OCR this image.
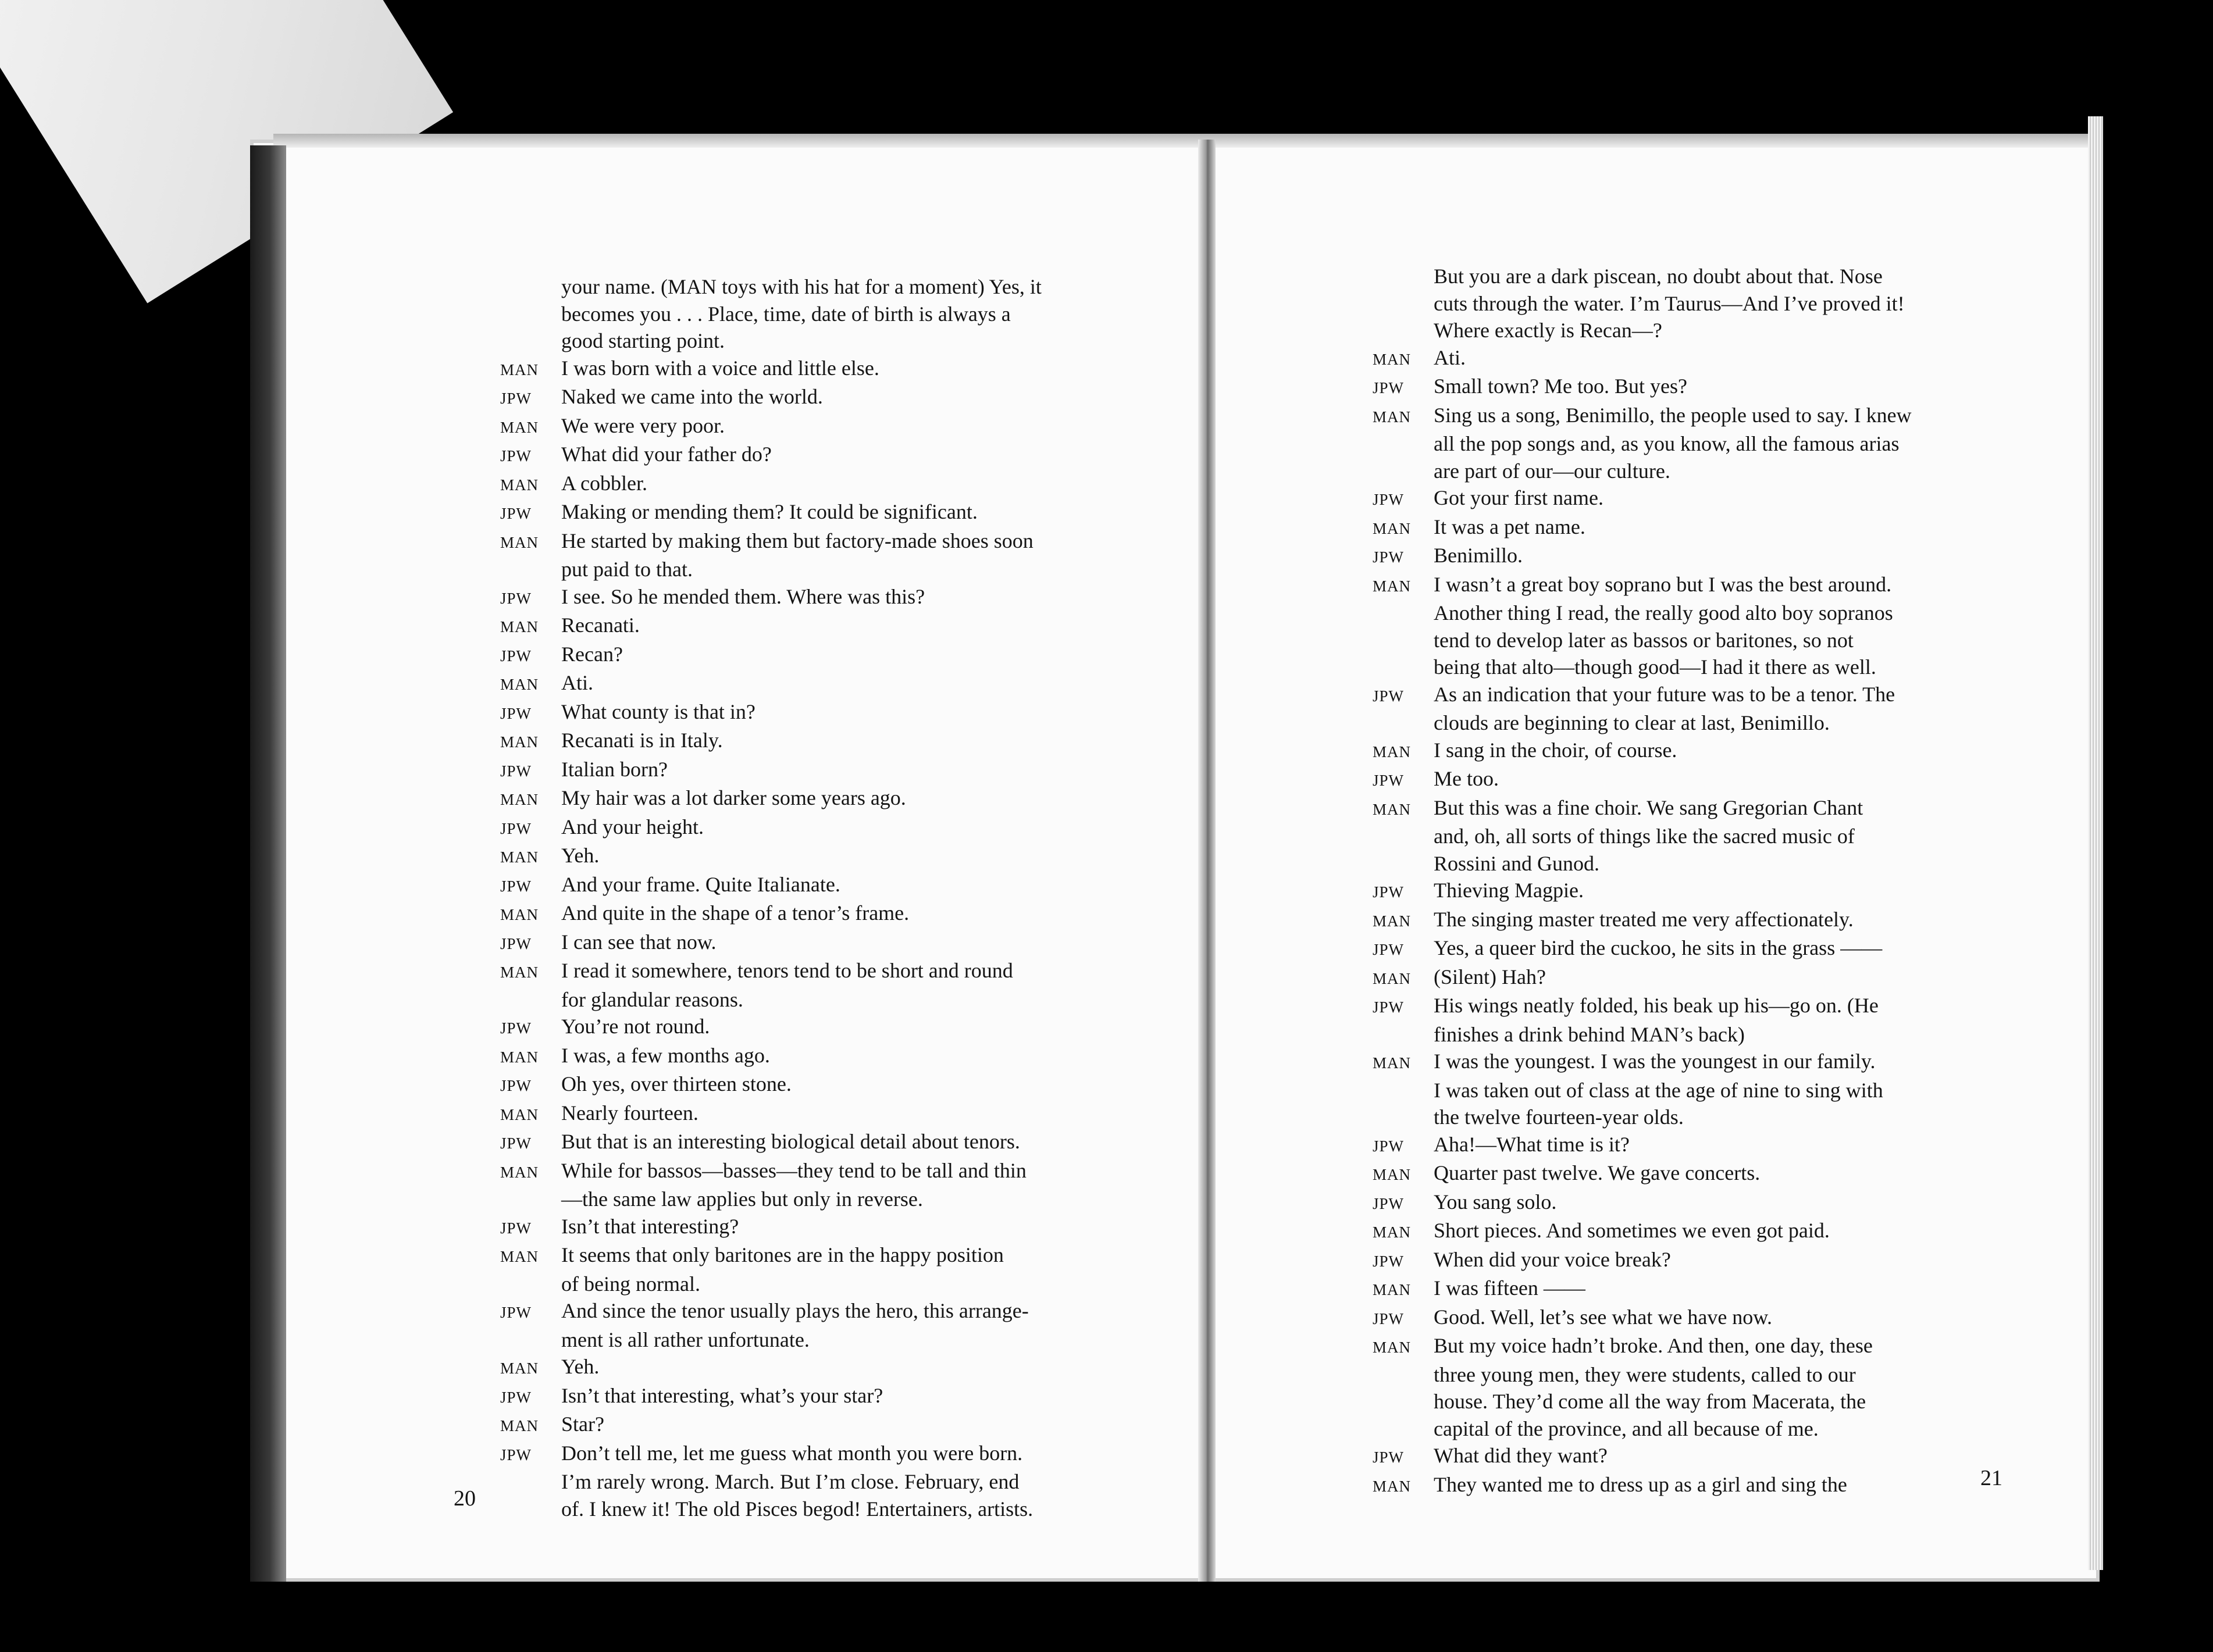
your name. (MAN toys with his hat for a moment) Yes, it
becomes you . . . Place, time, date of birth is always a
good starting point.
MAN	I was born with a voice and little else.
JPW	Naked we came into the world.
MAN	We were very poor.
JPW	What did your father do?
MAN	A cobbler.
JPW	Making or mending them? It could be significant.
MAN	He started by making them but factory-made shoes soon
put paid to that.
JPW	I see. So he mended them. Where was this?
MAN	Recanati.
JPW	Recan?
MAN	Ati.
JPW	What county is that in?
MAN	Recanati is in Italy.
JPW	Italian born?
MAN	My hair was a lot darker some years ago.
JPW	And your height.
MAN	Yeh.
JPW	And your frame. Quite Italianate.
MAN	And quite in the shape of a tenor’s frame.
JPW	I can see that now.
MAN	I read it somewhere, tenors tend to be short and round
for glandular reasons.
JPW	You’re not round.
MAN	I was, a few months ago.
JPW	Oh yes, over thirteen stone.
MAN	Nearly fourteen.
JPW	But that is an interesting biological detail about tenors.
MAN	While for bassos—basses—they tend to be tall and thin
—the same law applies but only in reverse.
JPW	Isn’t that interesting?
MAN	It seems that only baritones are in the happy position
of being normal.
JPW	And since the tenor usually plays the hero, this arrange-
ment is all rather unfortunate.
MAN	Yeh.
JPW	Isn’t that interesting, what’s your star?
MAN	Star?
JPW	Don’t tell me, let me guess what month you were born.
I’m rarely wrong. March. But I’m close. February, end
of. I knew it! The old Pisces begod! Entertainers, artists.
But you are a dark piscean, no doubt about that. Nose
cuts through the water. I’m Taurus—And I’ve proved it!
Where exactly is Recan—?
MAN	Ati.
JPW	Small town? Me too. But yes?
MAN	Sing us a song, Benimillo, the people used to say. I knew
all the pop songs and, as you know, all the famous arias
are part of our—our culture.
JPW	Got your first name.
MAN	It was a pet name.
JPW	Benimillo.
MAN	I wasn’t a great boy soprano but I was the best around.
Another thing I read, the really good alto boy sopranos
tend to develop later as bassos or baritones, so not
being that alto—though good—I had it there as well.
JPW	As an indication that your future was to be a tenor. The
clouds are beginning to clear at last, Benimillo.
MAN	I sang in the choir, of course.
JPW	Me too.
MAN	But this was a fine choir. We sang Gregorian Chant
and, oh, all sorts of things like the sacred music of
Rossini and Gunod.
JPW	Thieving Magpie.
MAN	The singing master treated me very affectionately.
JPW	Yes, a queer bird the cuckoo, he sits in the grass ——
MAN	(Silent) Hah?
JPW	His wings neatly folded, his beak up his—go on. (He
finishes a drink behind MAN’s back)
MAN	I was the youngest. I was the youngest in our family.
I was taken out of class at the age of nine to sing with
the twelve fourteen-year olds.
JPW	Aha!—What time is it?
MAN	Quarter past twelve. We gave concerts.
JPW	You sang solo.
MAN	Short pieces. And sometimes we even got paid.
JPW	When did your voice break?
MAN	I was fifteen ——
JPW	Good. Well, let’s see what we have now.
MAN	But my voice hadn’t broke. And then, one day, these
three young men, they were students, called to our
house. They’d come all the way from Macerata, the
capital of the province, and all because of me.
JPW	What did they want?
MAN	They wanted me to dress up as a girl and sing the
20
21
